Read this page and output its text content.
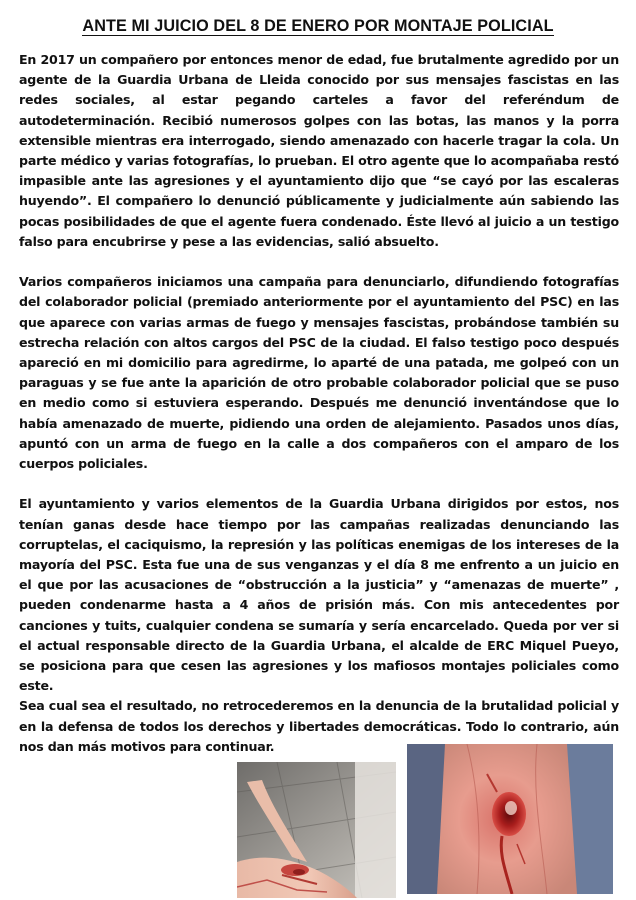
ANTE MI JUICIO DEL 8 DE ENERO POR MONTAJE POLICIAL

En 2017 un compañero por entonces menor de edad, fue brutalmente agredido por un agente de la Guardia Urbana de Lleida conocido por sus mensajes fascistas en las redes sociales, al estar pegando carteles a favor del referéndum de autodeterminación. Recibió numerosos golpes con las botas, las manos y la porra extensible mientras era interrogado, siendo amenazado con hacerle tragar la cola. Un parte médico y varias fotografías, lo prueban. El otro agente que lo acompañaba restó impasible ante las agresiones y el ayuntamiento dijo que “se cayó por las escaleras huyendo”. El compañero lo denunció públicamente y judicialmente aún sabiendo las pocas posibilidades de que el agente fuera condenado. Éste llevó al juicio a un testigo falso para encubrirse y pese a las evidencias, salió absuelto.

Varios compañeros iniciamos una campaña para denunciarlo, difundiendo fotografías del colaborador policial (premiado anteriormente por el ayuntamiento del PSC) en las que aparece con varias armas de fuego y mensajes fascistas, probándose también su estrecha relación con altos cargos del PSC de la ciudad. El falso testigo poco después apareció en mi domicilio para agredirme, lo aparté de una patada, me golpeó con un paraguas y se fue ante la aparición de otro probable colaborador policial que se puso en medio como si estuviera esperando. Después me denunció inventándose que lo había amenazado de muerte, pidiendo una orden de alejamiento. Pasados unos días, apuntó con un arma de fuego en la calle a dos compañeros con el amparo de los cuerpos policiales.

El ayuntamiento y varios elementos de la Guardia Urbana dirigidos por estos, nos tenían ganas desde hace tiempo por las campañas realizadas denunciando las corruptelas, el caciquismo, la represión y las políticas enemigas de los intereses de la mayoría del PSC. Esta fue una de sus venganzas y el día 8 me enfrento a un juicio en el que por las acusaciones de “obstrucción a la justicia” y “amenazas de muerte” , pueden condenarme hasta a 4 años de prisión más. Con mis antecedentes por canciones y tuits, cualquier condena se sumaría y sería encarcelado. Queda por ver si el actual responsable directo de la Guardia Urbana, el alcalde de ERC Miquel Pueyo, se posiciona para que cesen las agresiones y los mafiosos montajes policiales como este.

Sea cual sea el resultado, no retrocederemos en la denuncia de la brutalidad policial y en la defensa de todos los derechos y libertades democráticas. Todo lo contrario, aún nos dan más motivos para continuar.
